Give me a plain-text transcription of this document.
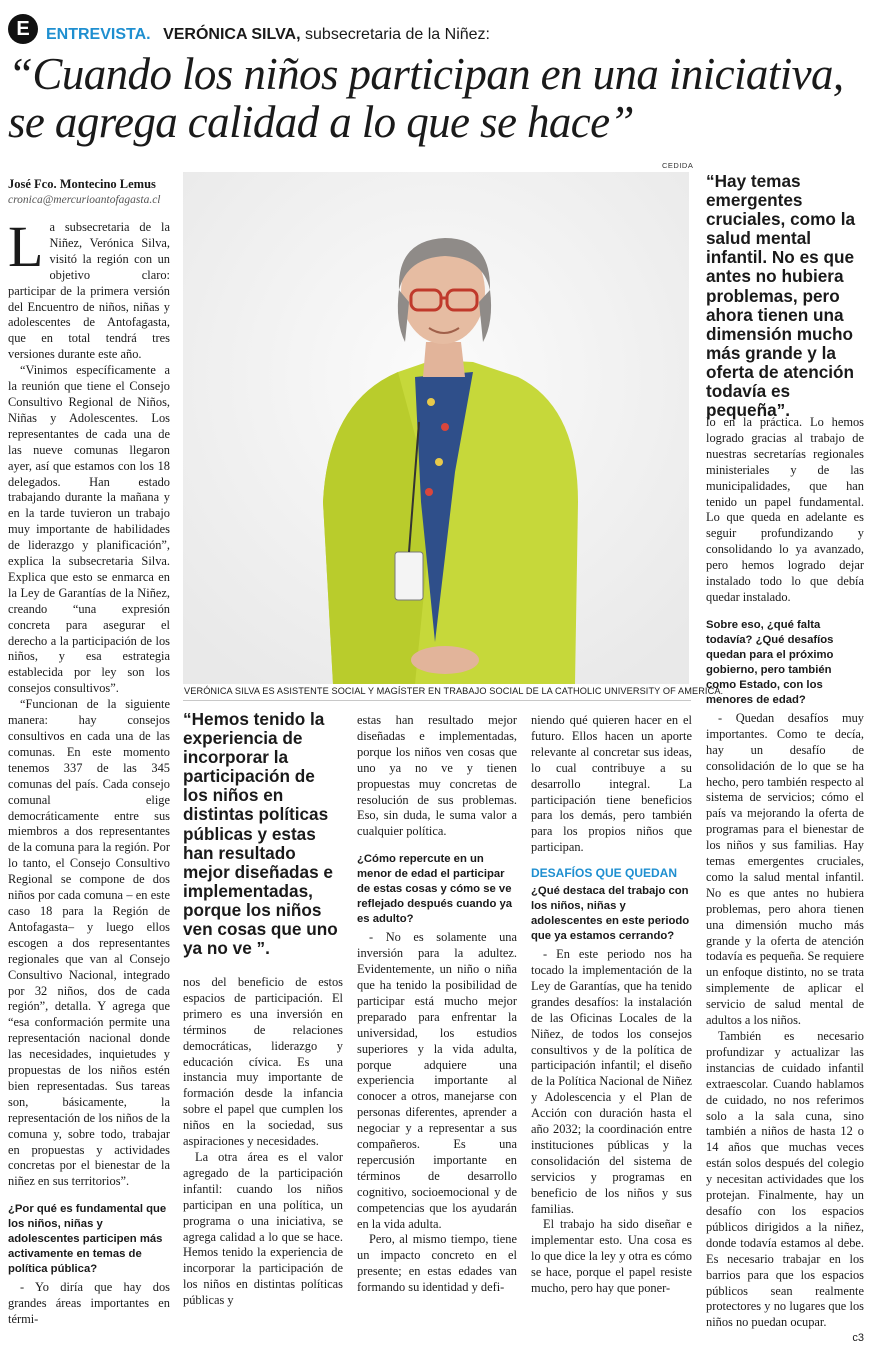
E	ENTREVISTA. VERÓNICA SILVA, subsecretaria de la Niñez:
“Cuando los niños participan en una iniciativa, se agrega calidad a lo que se hace”
José Fco. Montecino Lemus
cronica@mercurioantofagasta.cl

La subsecretaria de la Niñez, Verónica Silva, visitó la región con un objetivo claro: participar de la primera versión del Encuentro de niños, niñas y adolescentes de Antofagasta, que en total tendrá tres versiones durante este año.

“Vinimos específicamente a la reunión que tiene el Consejo Consultivo Regional de Niños, Niñas y Adolescentes. Los representantes de cada una de las nueve comunas llegaron ayer, así que estamos con los 18 delegados. Han estado trabajando durante la mañana y en la tarde tuvieron un trabajo muy importante de habilidades de liderazgo y planificación”, explica la subsecretaria Silva. Explica que esto se enmarca en la Ley de Garantías de la Niñez, creando “una expresión concreta para asegurar el derecho a la participación de los niños, y esa estrategia establecida por ley son los consejos consultivos”.

“Funcionan de la siguiente manera: hay consejos consultivos en cada una de las comunas. En este momento tenemos 337 de las 345 comunas del país. Cada consejo comunal elige democráticamente entre sus miembros a dos representantes de la comuna para la región. Por lo tanto, el Consejo Consultivo Regional se compone de dos niños por cada comuna – en este caso 18 para la Región de Antofagasta– y luego ellos escogen a dos representantes regionales que van al Consejo Consultivo Nacional, integrado por 32 niños, dos de cada región”, detalla. Y agrega que “esa conformación permite una representación nacional donde las necesidades, inquietudes y propuestas de los niños estén bien representadas. Sus tareas son, básicamente, la representación de los niños de la comuna y, sobre todo, trabajar en propuestas y actividades concretas por el bienestar de la niñez en sus territorios”.

¿Por qué es fundamental que los niños, niñas y adolescentes participen más activamente en temas de política pública?

- Yo diría que hay dos grandes áreas importantes en térmi-

CEDIDA
VERÓNICA SILVA ES ASISTENTE SOCIAL Y MAGÍSTER EN TRABAJO SOCIAL DE LA CATHOLIC UNIVERSITY OF AMERICA.
“Hemos tenido la experiencia de incorporar la participación de los niños en distintas políticas públicas y estas han resultado mejor diseñadas e implementadas, porque los niños ven cosas que uno ya no ve ”.

nos del beneficio de estos espacios de participación. El primero es una inversión en términos de relaciones democráticas, liderazgo y educación cívica. Es una instancia muy importante de formación desde la infancia sobre el papel que cumplen los niños en la sociedad, sus aspiraciones y necesidades.

La otra área es el valor agregado de la participación infantil: cuando los niños participan en una política, un programa o una iniciativa, se agrega calidad a lo que se hace. Hemos tenido la experiencia de incorporar la participación de los niños en distintas políticas públicas y

estas han resultado mejor diseñadas e implementadas, porque los niños ven cosas que uno ya no ve y tienen propuestas muy concretas de resolución de sus problemas. Eso, sin duda, le suma valor a cualquier política.

¿Cómo repercute en un menor de edad el participar de estas cosas y cómo se ve reflejado después cuando ya es adulto?

- No es solamente una inversión para la adultez. Evidentemente, un niño o niña que ha tenido la posibilidad de participar está mucho mejor preparado para enfrentar la universidad, los estudios superiores y la vida adulta, porque adquiere una experiencia importante al conocer a otros, manejarse con personas diferentes, aprender a negociar y a representar a sus compañeros. Es una repercusión importante en términos de desarrollo cognitivo, socioemocional y de competencias que los ayudarán en la vida adulta.

Pero, al mismo tiempo, tiene un impacto concreto en el presente; en estas edades van formando su identidad y defi-

niendo qué quieren hacer en el futuro. Ellos hacen un aporte relevante al concretar sus ideas, lo cual contribuye a su desarrollo integral. La participación tiene beneficios para los demás, pero también para los propios niños que participan.

DESAFÍOS QUE QUEDAN
¿Qué destaca del trabajo con los niños, niñas y adolescentes en este periodo que ya estamos cerrando?

- En este periodo nos ha tocado la implementación de la Ley de Garantías, que ha tenido grandes desafíos: la instalación de las Oficinas Locales de la Niñez, de todos los consejos consultivos y de la política de participación infantil; el diseño de la Política Nacional de Niñez y Adolescencia y el Plan de Acción con duración hasta el año 2032; la coordinación entre instituciones públicas y la consolidación del sistema de servicios y programas en beneficio de los niños y sus familias.

El trabajo ha sido diseñar e implementar esto. Una cosa es lo que dice la ley y otra es cómo se hace, porque el papel resiste mucho, pero hay que poner-

“Hay temas emergentes cruciales, como la salud mental infantil. No es que antes no hubiera problemas, pero ahora tienen una dimensión mucho más grande y la oferta de atención todavía es pequeña”.

lo en la práctica. Lo hemos logrado gracias al trabajo de nuestras secretarías regionales ministeriales y de las municipalidades, que han tenido un papel fundamental. Lo que queda en adelante es seguir profundizando y consolidando lo ya avanzado, pero hemos logrado dejar instalado todo lo que debía quedar instalado.

Sobre eso, ¿qué falta todavía? ¿Qué desafíos quedan para el próximo gobierno, pero también como Estado, con los menores de edad?

- Quedan desafíos muy importantes. Como te decía, hay un desafío de consolidación de lo que se ha hecho, pero también respecto al sistema de servicios; cómo el país va mejorando la oferta de programas para el bienestar de los niños y sus familias. Hay temas emergentes cruciales, como la salud mental infantil. No es que antes no hubiera problemas, pero ahora tienen una dimensión mucho más grande y la oferta de atención todavía es pequeña. Se requiere un enfoque distinto, no se trata simplemente de aplicar el servicio de salud mental de adultos a los niños.

También es necesario profundizar y actualizar las instancias de cuidado infantil extraescolar. Cuando hablamos de cuidado, no nos referimos solo a la sala cuna, sino también a niños de hasta 12 o 14 años que muchas veces están solos después del colegio y necesitan actividades que los protejan. Finalmente, hay un desafío con los espacios públicos dirigidos a la niñez, donde todavía estamos al debe. Es necesario trabajar en los barrios para que los espacios públicos sean realmente protectores y no lugares que los niños no puedan ocupar.

c3
